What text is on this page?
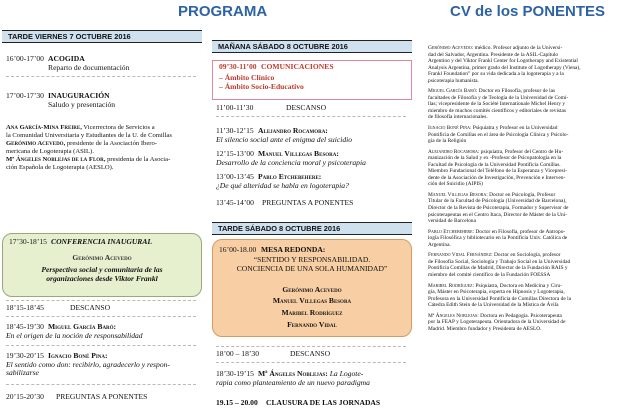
PROGRAMA	CV de los PONENTES
TARDE VIERNES 7 OCTUBRE 2016
16’00-17’00 ACOGIDA
Reparto de documentación
17’00-17’30 INAUGURACIÓN
Saludo y presentación
Ana García-Mina Freire, Vicerrectora de Servicios a
la Comunidad Universitaria y Estudiantes de la U. de Comillas
Gerónimo Acevedo, presidente de la Asociación Ibero-
mericana de Logoterapia (ASIL).
Mª Ángeles Noblejas de la Flor, presidenta de la Asocia-
ción Española de Logoterapia (AESLO).
17’30-18’15 CONFERENCIA INAUGURAL
Gerónimo Acevedo
Perspectiva social y comunitaria de las
organizaciones desde Viktor Frankl
18’15-18’45	DESCANSO
18’45-19’30 Miguel García Baró:
En el origen de la noción de responsabilidad
19’30-20’15 Ignacio Boné Pina:
El sentido como don: recibirlo, agradecerlo y respon-
sabilizarse
20’15-20’30 PREGUNTAS A PONENTES
MAÑANA SÁBADO 8 OCTUBRE 2016
09’30-11’00 COMUNICACIONES
– Ámbito Clínico
– Ámbito Socio-Educativo
11’00-11’30	DESCANSO
11’30-12’15 Alejandro Rocamora:
El silencio social ante el enigma del suicidio
12’15-13’00 Manuel Villegas Besora:
Desarrollo de la conciencia moral y psicoterapia
13’00-13’45 Pablo Etchebehere:
¿De qué alteridad se habla en logoterapia?
13’45-14’00 PREGUNTAS A PONENTES
TARDE SÁBADO 8 OCTUBRE 2016
16’00-18.00 MESA REDONDA:
“SENTIDO Y RESPONSABILIDAD.
CONCIENCIA DE UNA SOLA HUMANIDAD”
Gerónimo Acevedo
Manuel Villegas Besora
Maribel Rodríguez
Fernando Vidal
18’00 – 18’30	DESCANSO
18’30-19’15 Mª Ángeles Noblejas: La Logote-
rapia como planteamiento de un nuevo paradigma
19.15 – 20.00 CLAUSURA DE LAS JORNADAS

Gerónimo Acevedo: médico. Profesor adjunto de la Universi-

dad del Salvador, Argentina. Presidente de la ASIL-Capítulo

Argentino y del Viktor Frankl Center for Logotherapy and Existential

Analysis Argentina, primer grado del Institute of Logotherapy (Viena),

Frankl Foundation” por su vida dedicada a la logoterapia y a la

psicoterapia humanista.

Miguel García Baró: Doctor en Filosofía, profesor de las

facultades de Filosofía y de Teología de la Universidad de Comi-

llas; vicepresidente de la Société Internationale Michel Henry y

miembro de muchos comités científicos y editoriales de revistas

de filosofía internacionales.

Ignacio Boné Pina: Psiquiatra y Profesor en la Universidad

Pontificia de Comillas en el área de Psicología Clínica y Psicolo-

gía de la Religión

Alejandro Rocamora: psiquiatra, Profesor del Centro de Hu-

manización de la Salud y ex -Profesor de Psicopatología en la

Facultad de Psicología de la Universidad Pontificia Comillas.

Miembro Fundacional del Teléfono de la Esperanza y Vicepresi-

dente de la Asociación de Investigación, Prevención e Interven-

ción del Suicidio (AIPIS)

Manuel Villegas Besora: Doctor en Psicología, Profesor

Titular de la Facultad de Psicología (Universidad de Barcelona),

Director de la Revista de Psicoterapia, Formador y Supervisor de

psicoterapeutas en el Centro Itaca, Director de Máster de la Uni-

versidad de Barcelona

Pablo Etchebehere: Doctor en Filosofía, profesor de Antropo-

logía Filosófica y bibliotecario en la Pontificia Univ. Católica de

Argentina.

Fernando Vidal Fernández: Doctor en Sociología, profesor

de Filosofía Social, Sociología y Trabajo Social en la Universidad

Pontificia Comillas de Madrid, Director de la Fundación RAIS y

miembro del comité científico de la Fundación FOESSA

Maribel Rodríguez: Psiquiatra, Doctora en Medicina y Ciru-

gía, Máster en Psicoterapia, experta en Hipnosis y Logoterapia,

Profesora en la Universidad Pontificia de Comillas Directora de la

Cátedra Edith Stein de la Universidad de la Mística de Ávila

Mª Ángeles Noblejas: Doctora en Pedagogía. Psicoterapeuta

por la FEAP y Logoterapeuta. Orientadora de la Universidad de

Madrid. Miembro fundador y Presidenta de AESLO.
